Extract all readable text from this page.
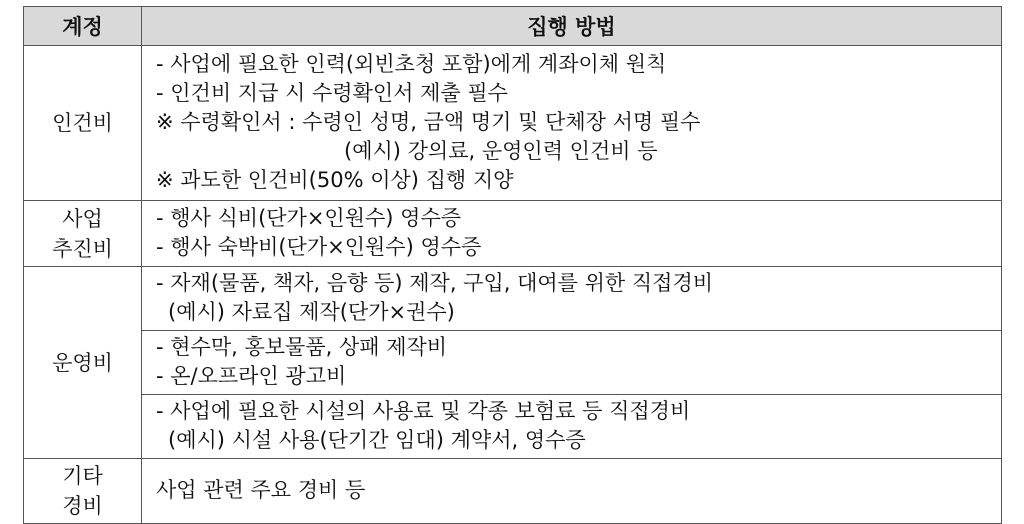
계정	집행 방법
인건비	- 사업에 필요한 인력(외빈초청 포함)에게 계좌이체 원칙
- 인건비 지급 시 수령확인서 제출 필수
※ 수령확인서 : 수령인 성명, 금액 명기 및 단체장 서명 필수
(예시) 강의료, 운영인력 인건비 등
※ 과도한 인건비(50% 이상) 집행 지양

사업
추진비	- 행사 식비(단가×인원수) 영수증
- 행사 숙박비(단가×인원수) 영수증

운영비	- 자재(물품, 책자, 음향 등) 제작, 구입, 대여를 위한 직접경비
(예시) 자료집 제작(단가×권수)

	- 현수막, 홍보물품, 상패 제작비
- 온/오프라인 광고비

	- 사업에 필요한 시설의 사용료 및 각종 보험료 등 직접경비
(예시) 시설 사용(단기간 임대) 계약서, 영수증

기타
경비	사업 관련 주요 경비 등
